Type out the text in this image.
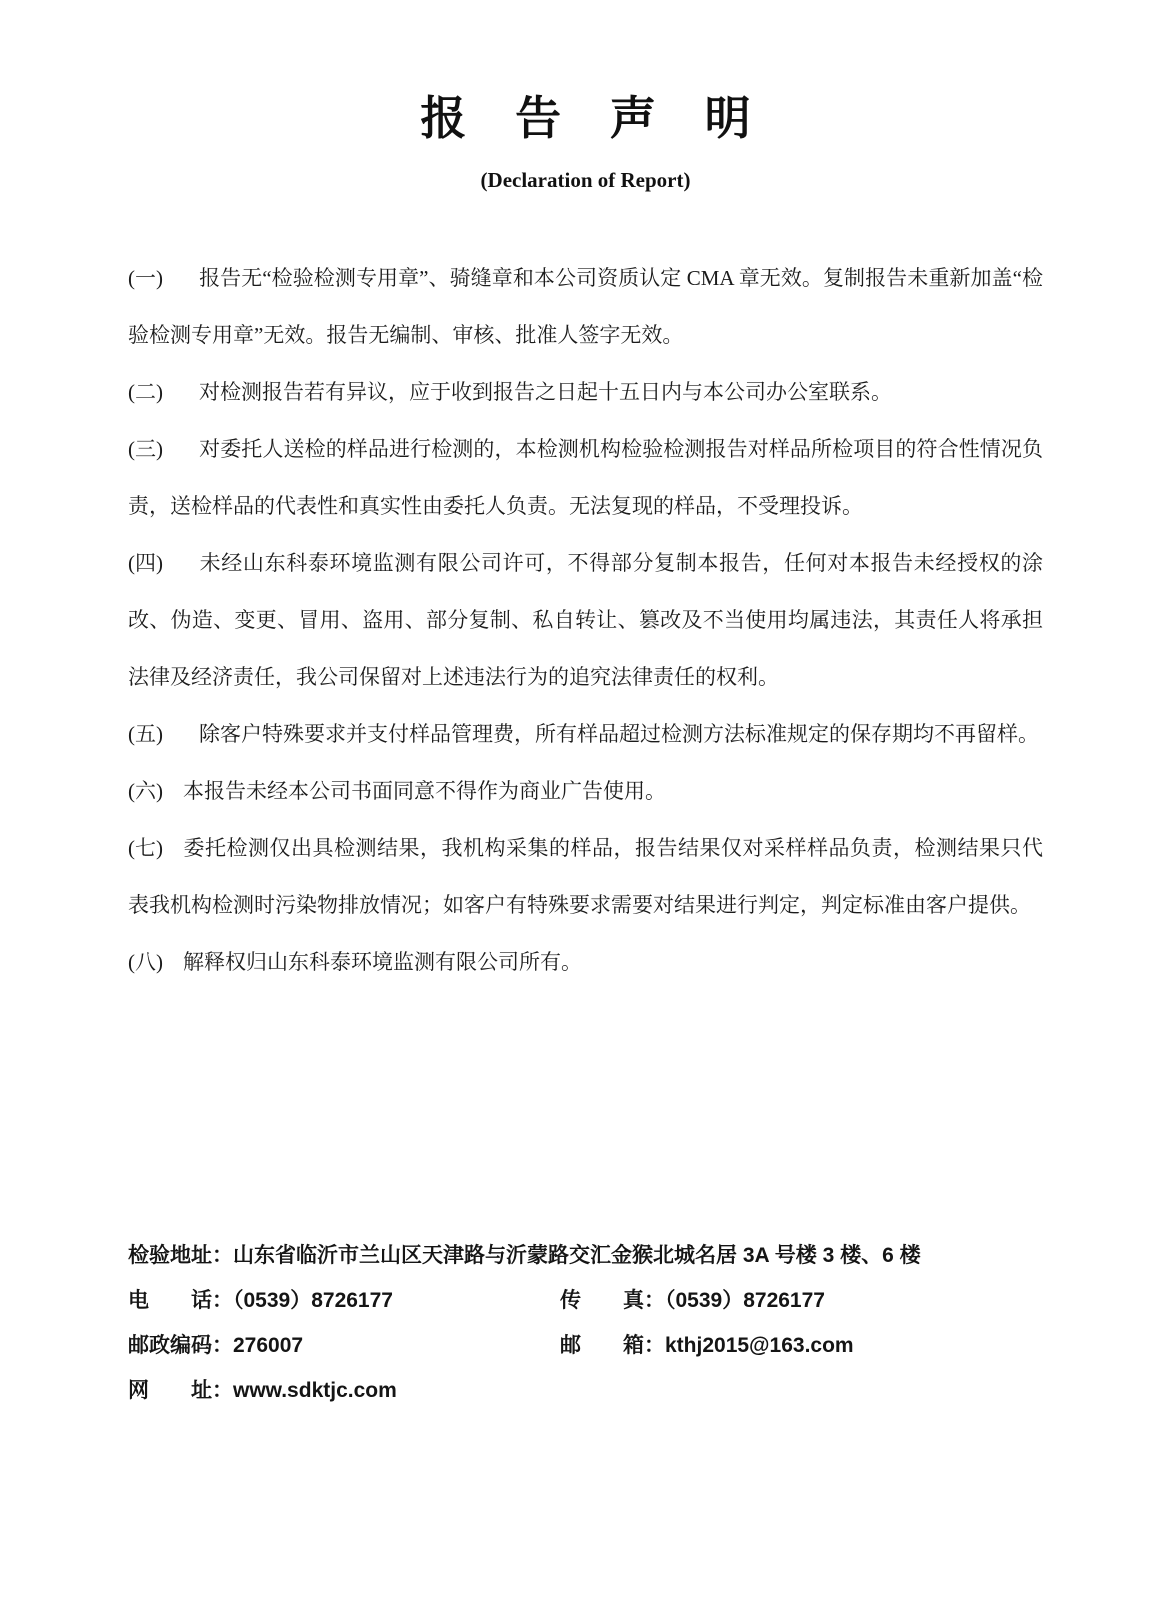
报 告 声 明
(Declaration of Report)

(一) 报告无“检验检测专用章”、骑缝章和本公司资质认定 CMA 章无效。复制报告未重新加盖“检验检测专用章”无效。报告无编制、审核、批准人签字无效。

(二) 对检测报告若有异议，应于收到报告之日起十五日内与本公司办公室联系。

(三) 对委托人送检的样品进行检测的，本检测机构检验检测报告对样品所检项目的符合性情况负责，送检样品的代表性和真实性由委托人负责。无法复现的样品，不受理投诉。

(四) 未经山东科泰环境监测有限公司许可，不得部分复制本报告，任何对本报告未经授权的涂改、伪造、变更、冒用、盗用、部分复制、私自转让、篡改及不当使用均属违法，其责任人将承担法律及经济责任，我公司保留对上述违法行为的追究法律责任的权利。

(五) 除客户特殊要求并支付样品管理费，所有样品超过检测方法标准规定的保存期均不再留样。

(六) 本报告未经本公司书面同意不得作为商业广告使用。

(七) 委托检测仅出具检测结果，我机构采集的样品，报告结果仅对采样样品负责，检测结果只代表我机构检测时污染物排放情况；如客户有特殊要求需要对结果进行判定，判定标准由客户提供。

(八) 解释权归山东科泰环境监测有限公司所有。

检验地址：山东省临沂市兰山区天津路与沂蒙路交汇金猴北城名居 3A 号楼 3 楼、6 楼
电　　话：（0539）8726177	传　　真：（0539）8726177
邮政编码：276007	邮　　箱：kthj2015@163.com
网　　址：www.sdktjc.com
